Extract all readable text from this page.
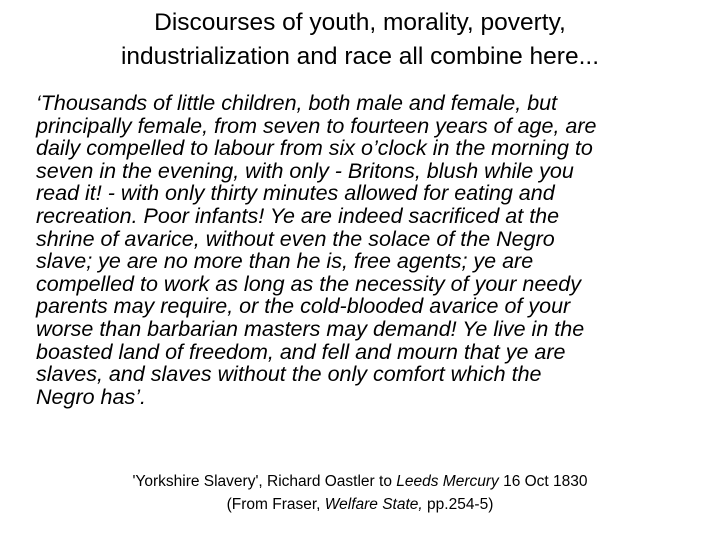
Discourses of youth, morality, poverty,
industrialization and race all combine here...
‘Thousands of little children, both male and female, but
principally female, from seven to fourteen years of age, are
daily compelled to labour from six o’clock in the morning to
seven in the evening, with only - Britons, blush while you
read it! - with only thirty minutes allowed for eating and
recreation. Poor infants! Ye are indeed sacrificed at the
shrine of avarice, without even the solace of the Negro
slave; ye are no more than he is, free agents; ye are
compelled to work as long as the necessity of your needy
parents may require, or the cold-blooded avarice of your
worse than barbarian masters may demand! Ye live in the
boasted land of freedom, and fell and mourn that ye are
slaves, and slaves without the only comfort which the
Negro has’.
'Yorkshire Slavery', Richard Oastler to Leeds Mercury 16 Oct 1830
(From Fraser, Welfare State, pp.254-5)
